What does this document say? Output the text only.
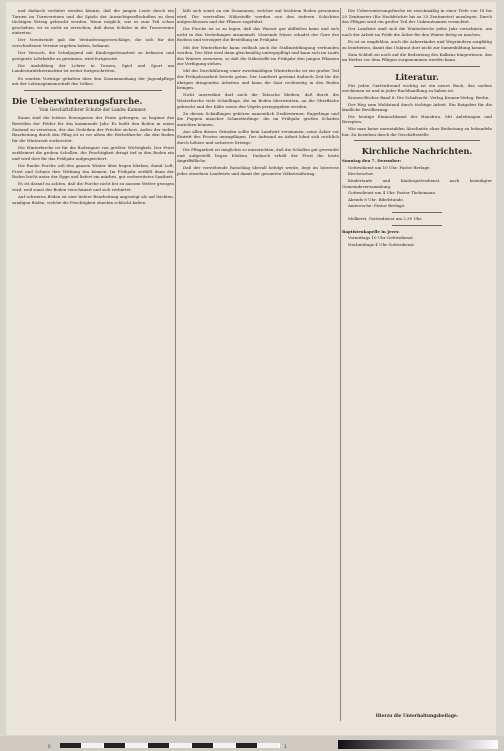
nod dadurch verhütet werden könnte, daß die jungen Leute durch ein Turnen im Turnvereinen und die Spiele der Aussichtgesellschaften zu dem tüchtigen Ertrag gebracht werden. Wenn möglich, wie es zum Teil schon geschehen, ist es nicht zu erreichen, daß diese Schüler in die Turnvereine eintreten.

Der Vorsitzende gab die Veränderungsvorschläge, die sich für die verschiedenen Vereine ergeben haben, bekannt.

Der Versuch, die Schuljugend mit Kindergartenarbeit zu befassen und geeignete Lehrkräfte zu gewinnen, wird fortgesetzt.

Die Ausbildung der Lehrer in Turnen, Spiel und Sport am Landesturnlehrerinstitut ist weiter fortgeschritten.

Es wurden Vorträge gehalten über den Zusammenhang der Jugendpflege mit der Lebensgemeinschaft des Volkes.

Die Ueberwinterungsfurche.
Vom Geschäftsführer Schulte der Landw.-Kammer.

Kaum sind die letzten Erzeugnisse der Ernte geborgen, so beginnt das Bestellen der Felder für das kommende Jahr. Es heißt den Boden in einen Zustand zu versetzen, der das Gedeihen der Früchte sichert. Außer der tiefen Bearbeitung durch den Pflug ist es vor allem die Herbstfurche, die den Boden für die Winterzeit vorbereitet.

Die Winterfurche ist für die Bodengare von größter Wichtigkeit. Der Frost zerkleinert die groben Schollen, die Feuchtigkeit dringt tief in den Boden ein und wird dort für das Frühjahr aufgespeichert.

Die Rauhe Furche soll den ganzen Winter über liegen bleiben, damit Luft, Frost und Schnee ihre Wirkung tun können. Im Frühjahr zerfällt dann der Boden leicht unter der Egge und liefert ein mürbes, gut vorbereitetes Saatbett.

Es ist darauf zu achten, daß die Furche nicht bei zu nassem Wetter gezogen wird, weil sonst der Boden verschmiert und sich verhärtet.

Auf schweren Böden ist eine tiefere Bearbeitung angezeigt als auf leichten, sandigen Böden, welche die Feuchtigkeit ohnehin schlecht halten.

läßt sich somit an ein Zusammen, welcher mit leichtem Boden gewonnen wird. Die wertvollen Nährstoffe werden von den tieferen Schichten aufgeschlossen und der Pflanze zugeführt.

Die Furche ist so zu legen, daß das Wasser gut abfließen kann und sich nicht in den Vertiefungen ansammelt. Stauende Nässe schadet der Gare des Bodens und verzögert die Bestellung im Frühjahr.

Mit der Winterfurche kann vielfach auch die Stallmistdüngung verbunden werden. Der Mist wird dann gleichmäßig untergepflügt und kann sich im Laufe des Winters zersetzen, so daß die Nährstoffe im Frühjahr den jungen Pflanzen zur Verfügung stehen.

Mit der Durchführung einer zweckmäßigen Winterfurche ist ein großer Teil der Frühjahrsarbeit bereits getan. Der Landwirt gewinnt dadurch Zeit für die übrigen dringenden Arbeiten und kann die Saat rechtzeitig in den Boden bringen.

Nicht unerwähnt darf auch die Tatsache bleiben, daß durch die Winterfurche viele Schädlinge, die im Boden überwintern, an die Oberfläche gebracht und der Kälte sowie den Vögeln preisgegeben werden.

Zu diesen Schädlingen gehören namentlich Drahtwürmer, Engerlinge und die Puppen mancher Schmetterlinge, die im Frühjahr großen Schaden anrichten können.

Aus allen diesen Gründen sollte kein Landwirt versäumen, seine Äcker vor Eintritt des Frostes umzupflügen. Der Aufwand an Arbeit lohnt sich reichlich durch höhere und sicherere Erträge.

Die Pflugarbeit ist möglichst so einzurichten, daß die Schollen gut gewendet und aufgestellt liegen bleiben. Dadurch erhält der Frost die beste Angriffsfläche.

Daß der vorstehende Ratschlag überall befolgt werde, liegt im Interesse jedes einzelnen Landwirts und damit der gesamten Volksernährung.

Die Ueberwinterungsfurche ist zweckmäßig in einer Tiefe von 18 bis 20 Zentimeter (für Hackfrüchte bis zu 25 Zentimeter) anzulegen. Durch das Pflügen wird ein großer Teil der Unkrautsamen vernichtet.

Der Landwirt muß sich die Winterfurche jedes Jahr vornehmen, um nach der Arbeit im Felde die Äcker für den Winter fertig zu machen.

Es ist zu empfehlen, auch die Ackerränder und Wegrändern sorgfältig zu bearbeiten, damit das Unkraut dort nicht zur Samenbildung kommt.

Zum Schluß sei noch auf die Bedeutung des Kalkens hingewiesen, das im Herbst vor dem Pflügen vorgenommen werden kann.

Literatur.

Für jeden Gartenfreund wichtig ist ein neues Buch, das soeben erschienen ist und in jeder Buchhandlung zu haben ist.

Kronen-Bücher Band 8: Die Schafzucht. Verlag Kronen-Verlag, Berlin.

Der Weg zum Wohlstand durch tüchtige Arbeit. Ein Ratgeber für die ländliche Bevölkerung.

Die heutige Einmachkunst der Hausfrau. Mit Anleitungen und Rezepten.

Wie man keine unrentablen Abschnitte ohne Bedeutung zu behandeln hat. Zu beziehen durch die Geschäftsstelle.

Kirchliche Nachrichten.

Sonntag den 7. Dezember:

Gottesdienst um 10 Uhr: Pastor Berlage.

Kirchenchor.

Kindertaufe und Kindergottesdienst nach beendigter Gemeindeversammlung.

Gottesdienst um 4 Uhr: Pastor Thebemann.

Abends 8 Uhr: Bibelstunde.

Amtswoche: Pastor Berlage.

Molkerei. Gottesdienst um 2.30 Uhr.

Baptistenkapelle in Jever.

Vormittags 10 Uhr Gottesdienst.

Nachmittags 4 Uhr Gottesdienst.

Hierzu die Unterhaltungsbeilage.
0	1
